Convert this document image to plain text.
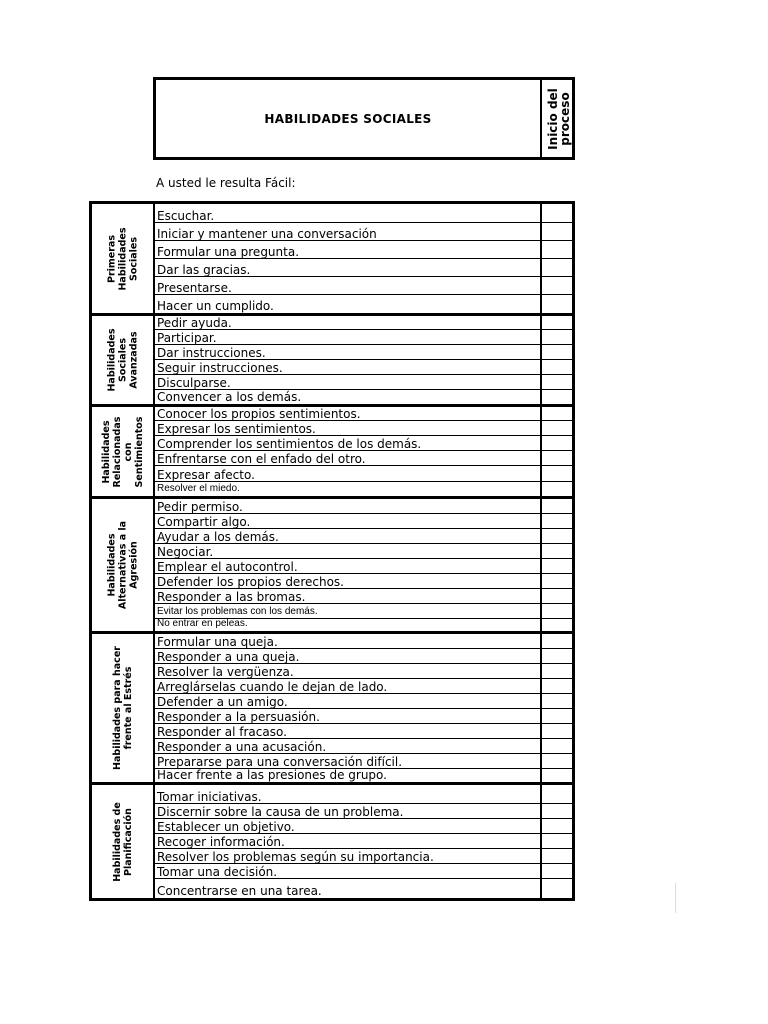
HABILIDADES SOCIALES	Inicio del
proceso
A usted le resulta Fácil:
Primeras
Habilidades
Sociales
Escuchar.
Iniciar y mantener una conversación
Formular una pregunta.
Dar las gracias.
Presentarse.
Hacer un cumplido.
Habilidades
Sociales
Avanzadas
Pedir ayuda.
Participar.
Dar instrucciones.
Seguir instrucciones.
Disculparse.
Convencer a los demás.
Habilidades
Relacionadas
con
Sentimientos
Conocer los propios sentimientos.
Expresar los sentimientos.
Comprender los sentimientos de los demás.
Enfrentarse con el enfado del otro.
Expresar afecto.
Resolver el miedo.
Habilidades
Alternativas a la
Agresión
Pedir permiso.
Compartir algo.
Ayudar a los demás.
Negociar.
Emplear el autocontrol.
Defender los propios derechos.
Responder a las bromas.
Evitar los problemas con los demás.
No entrar en peleas.
Habilidades para hacer
frente al Estrés
Formular una queja.
Responder a una queja.
Resolver la vergüenza.
Arreglárselas cuando le dejan de lado.
Defender a un amigo.
Responder a la persuasión.
Responder al fracaso.
Responder a una acusación.
Prepararse para una conversación difícil.
Hacer frente a las presiones de grupo.
Habilidades de
Planificación
Tomar iniciativas.
Discernir sobre la causa de un problema.
Establecer un objetivo.
Recoger información.
Resolver los problemas según su importancia.
Tomar una decisión.
Concentrarse en una tarea.
